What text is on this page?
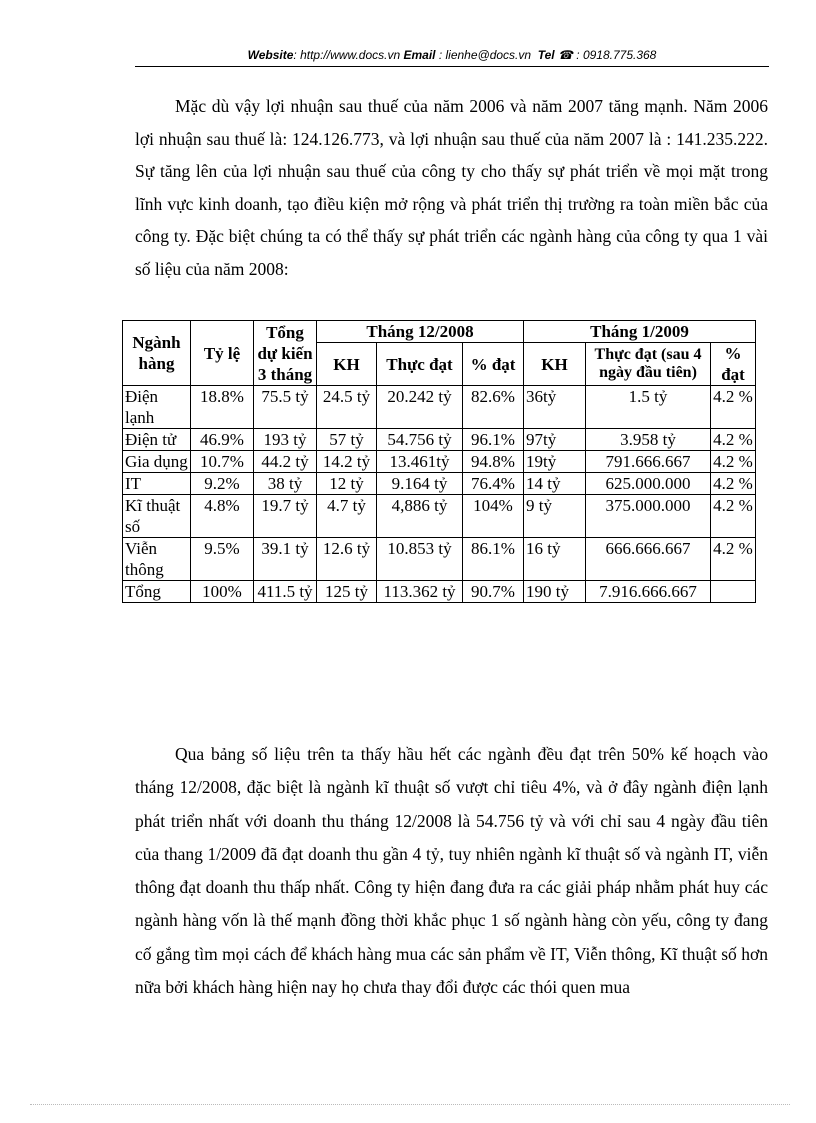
Website: http://www.docs.vn Email : lienhe@docs.vn Tel ☎ : 0918.775.368

Mặc dù vậy lợi nhuận sau thuế của năm 2006 và năm 2007 tăng mạnh. Năm 2006 lợi nhuận sau thuế là: 124.126.773, và lợi nhuận sau thuế của năm 2007 là : 141.235.222. Sự tăng lên của lợi nhuận sau thuế của công ty cho thấy sự phát triển về mọi mặt trong lĩnh vực kinh doanh, tạo điều kiện mở rộng và phát triển thị trường ra toàn miền bắc của công ty. Đặc biệt chúng ta có thể thấy sự phát triển các ngành hàng của công ty qua 1 vài số liệu của năm 2008:

Ngành hàng	Tỷ lệ	Tổng dự kiến 3 tháng	Tháng 12/2008			Tháng 1/2009		
			KH	Thực đạt	% đạt	KH	Thực đạt (sau 4 ngày đầu tiên)	% đạt
Điện lạnh	18.8%	75.5 tỷ	24.5 tỷ	20.242 tỷ	82.6%	36tỷ	1.5 tỷ	4.2 %
Điện tử	46.9%	193 tỷ	57 tỷ	54.756 tỷ	96.1%	97tỷ	3.958 tỷ	4.2 %
Gia dụng	10.7%	44.2 tỷ	14.2 tỷ	13.461tỷ	94.8%	19tỷ	791.666.667	4.2 %
IT	9.2%	38 tỷ	12 tỷ	9.164 tỷ	76.4%	14 tỷ	625.000.000	4.2 %
Kĩ thuật số	4.8%	19.7 tỷ	4.7 tỷ	4,886 tỷ	104%	9 tỷ	375.000.000	4.2 %
Viễn thông	9.5%	39.1 tỷ	12.6 tỷ	10.853 tỷ	86.1%	16 tỷ	666.666.667	4.2 %
Tổng	100%	411.5 tỷ	125 tỷ	113.362 tỷ	90.7%	190 tỷ	7.916.666.667	

Qua bảng số liệu trên ta thấy hầu hết các ngành đều đạt trên 50% kế hoạch vào tháng 12/2008, đặc biệt là ngành kĩ thuật số vượt chỉ tiêu 4%, và ở đây ngành điện lạnh phát triển nhất với doanh thu tháng 12/2008 là 54.756 tỷ và với chỉ sau 4 ngày đầu tiên của thang 1/2009 đã đạt doanh thu gần 4 tỷ, tuy nhiên ngành kĩ thuật số và ngành IT, viễn thông đạt doanh thu thấp nhất. Công ty hiện đang đưa ra các giải pháp nhằm phát huy các ngành hàng vốn là thế mạnh đồng thời khắc phục 1 số ngành hàng còn yếu, công ty đang cố gắng tìm mọi cách để khách hàng mua các sản phẩm về IT, Viễn thông, Kĩ thuật số hơn nữa bởi khách hàng hiện nay họ chưa thay đổi được các thói quen mua
